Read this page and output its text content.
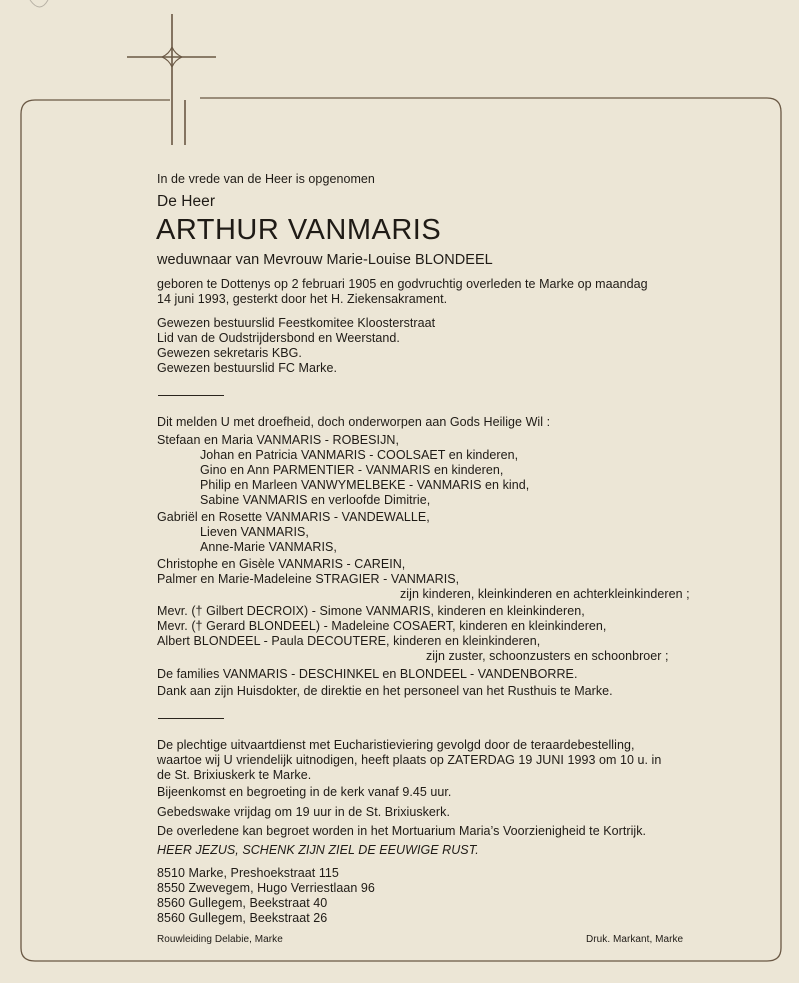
In de vrede van de Heer is opgenomen
De Heer
ARTHUR VANMARIS
weduwnaar van Mevrouw Marie-Louise BLONDEEL
geboren te Dottenys op 2 februari 1905 en godvruchtig overleden te Marke op maandag
14 juni 1993, gesterkt door het H. Ziekensakrament.
Gewezen bestuurslid Feestkomitee Kloosterstraat
Lid van de Oudstrijdersbond en Weerstand.
Gewezen sekretaris KBG.
Gewezen bestuurslid FC Marke.
Dit melden U met droefheid, doch onderworpen aan Gods Heilige Wil :
Stefaan en Maria VANMARIS - ROBESIJN,
Johan en Patricia VANMARIS - COOLSAET en kinderen,
Gino en Ann PARMENTIER - VANMARIS en kinderen,
Philip en Marleen VANWYMELBEKE - VANMARIS en kind,
Sabine VANMARIS en verloofde Dimitrie,
Gabriël en Rosette VANMARIS - VANDEWALLE,
Lieven VANMARIS,
Anne-Marie VANMARIS,
Christophe en Gisèle VANMARIS - CAREIN,
Palmer en Marie-Madeleine STRAGIER - VANMARIS,
zijn kinderen, kleinkinderen en achterkleinkinderen ;
Mevr. († Gilbert DECROIX) - Simone VANMARIS, kinderen en kleinkinderen,
Mevr. († Gerard BLONDEEL) - Madeleine COSAERT, kinderen en kleinkinderen,
Albert BLONDEEL - Paula DECOUTERE, kinderen en kleinkinderen,
zijn zuster, schoonzusters en schoonbroer ;
De families VANMARIS - DESCHINKEL en BLONDEEL - VANDENBORRE.
Dank aan zijn Huisdokter, de direktie en het personeel van het Rusthuis te Marke.
De plechtige uitvaartdienst met Eucharistieviering gevolgd door de teraardebestelling,
waartoe wij U vriendelijk uitnodigen, heeft plaats op ZATERDAG 19 JUNI 1993 om 10 u. in
de St. Brixiuskerk te Marke.
Bijeenkomst en begroeting in de kerk vanaf 9.45 uur.
Gebedswake vrijdag om 19 uur in de St. Brixiuskerk.
De overledene kan begroet worden in het Mortuarium Maria’s Voorzienigheid te Kortrijk.
HEER JEZUS, SCHENK ZIJN ZIEL DE EEUWIGE RUST.
8510 Marke, Preshoekstraat 115
8550 Zwevegem, Hugo Verriestlaan 96
8560 Gullegem, Beekstraat 40
8560 Gullegem, Beekstraat 26
Rouwleiding Delabie, Marke	Druk. Markant, Marke
